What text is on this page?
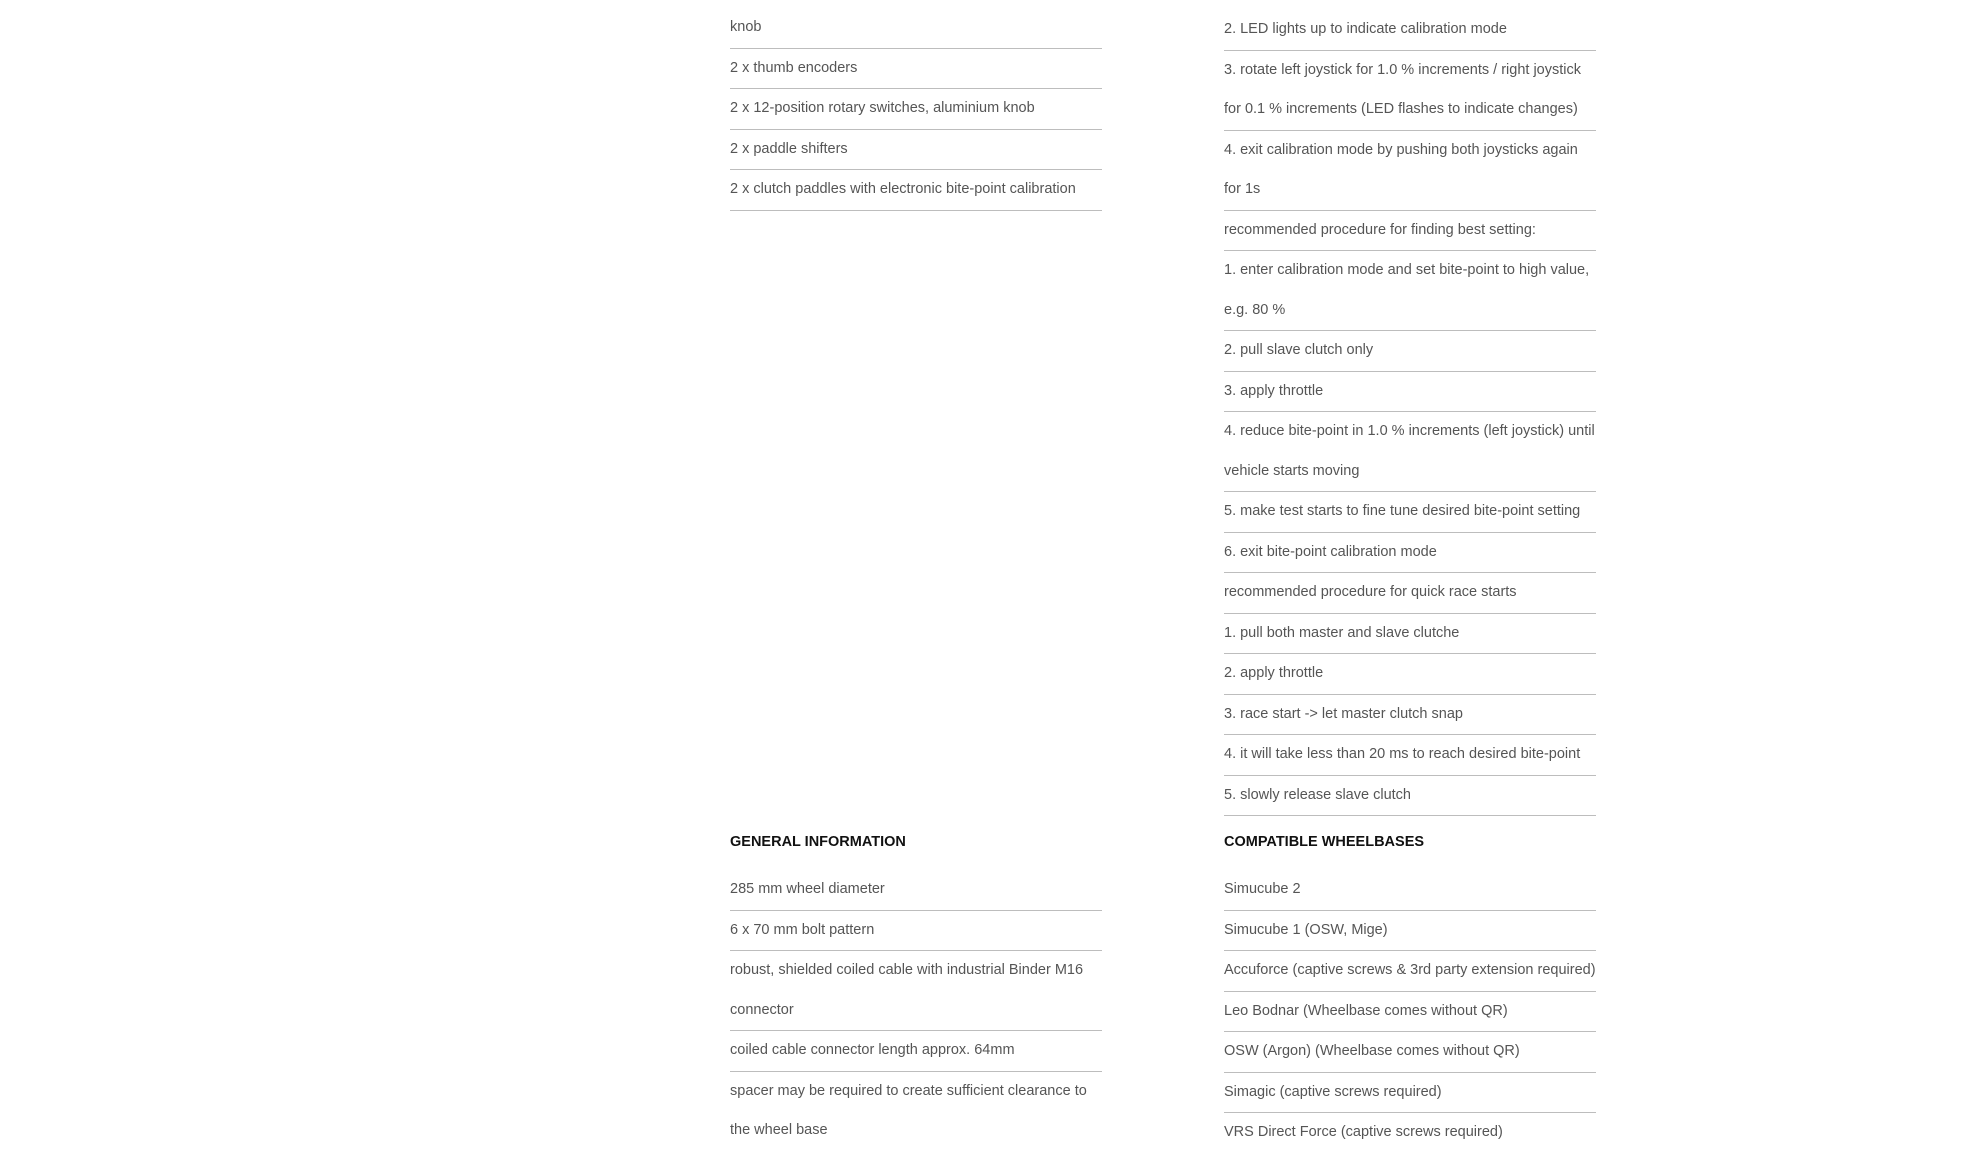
knob
2 x thumb encoders
2 x 12-position rotary switches, aluminium knob
2 x paddle shifters
2 x clutch paddles with electronic bite-point calibration
2. LED lights up to indicate calibration mode
3. rotate left joystick for 1.0 % increments / right joystick for 0.1 % increments (LED flashes to indicate changes)
4. exit calibration mode by pushing both joysticks again for 1s
recommended procedure for finding best setting:
1. enter calibration mode and set bite-point to high value, e.g. 80 %
2. pull slave clutch only
3. apply throttle
4. reduce bite-point in 1.0 % increments (left joystick) until vehicle starts moving
5. make test starts to fine tune desired bite-point setting
6. exit bite-point calibration mode
recommended procedure for quick race starts
1. pull both master and slave clutche
2. apply throttle
3. race start -> let master clutch snap
4. it will take less than 20 ms to reach desired bite-point
5. slowly release slave clutch
GENERAL INFORMATION
285 mm wheel diameter
6 x 70 mm bolt pattern
robust, shielded coiled cable with industrial Binder M16 connector
coiled cable connector length approx. 64mm
spacer may be required to create sufficient clearance to the wheel base
COMPATIBLE WHEELBASES
Simucube 2
Simucube 1 (OSW, Mige)
Accuforce (captive screws & 3rd party extension required)
Leo Bodnar (Wheelbase comes without QR)
OSW (Argon) (Wheelbase comes without QR)
Simagic (captive screws required)
VRS Direct Force (captive screws required)
